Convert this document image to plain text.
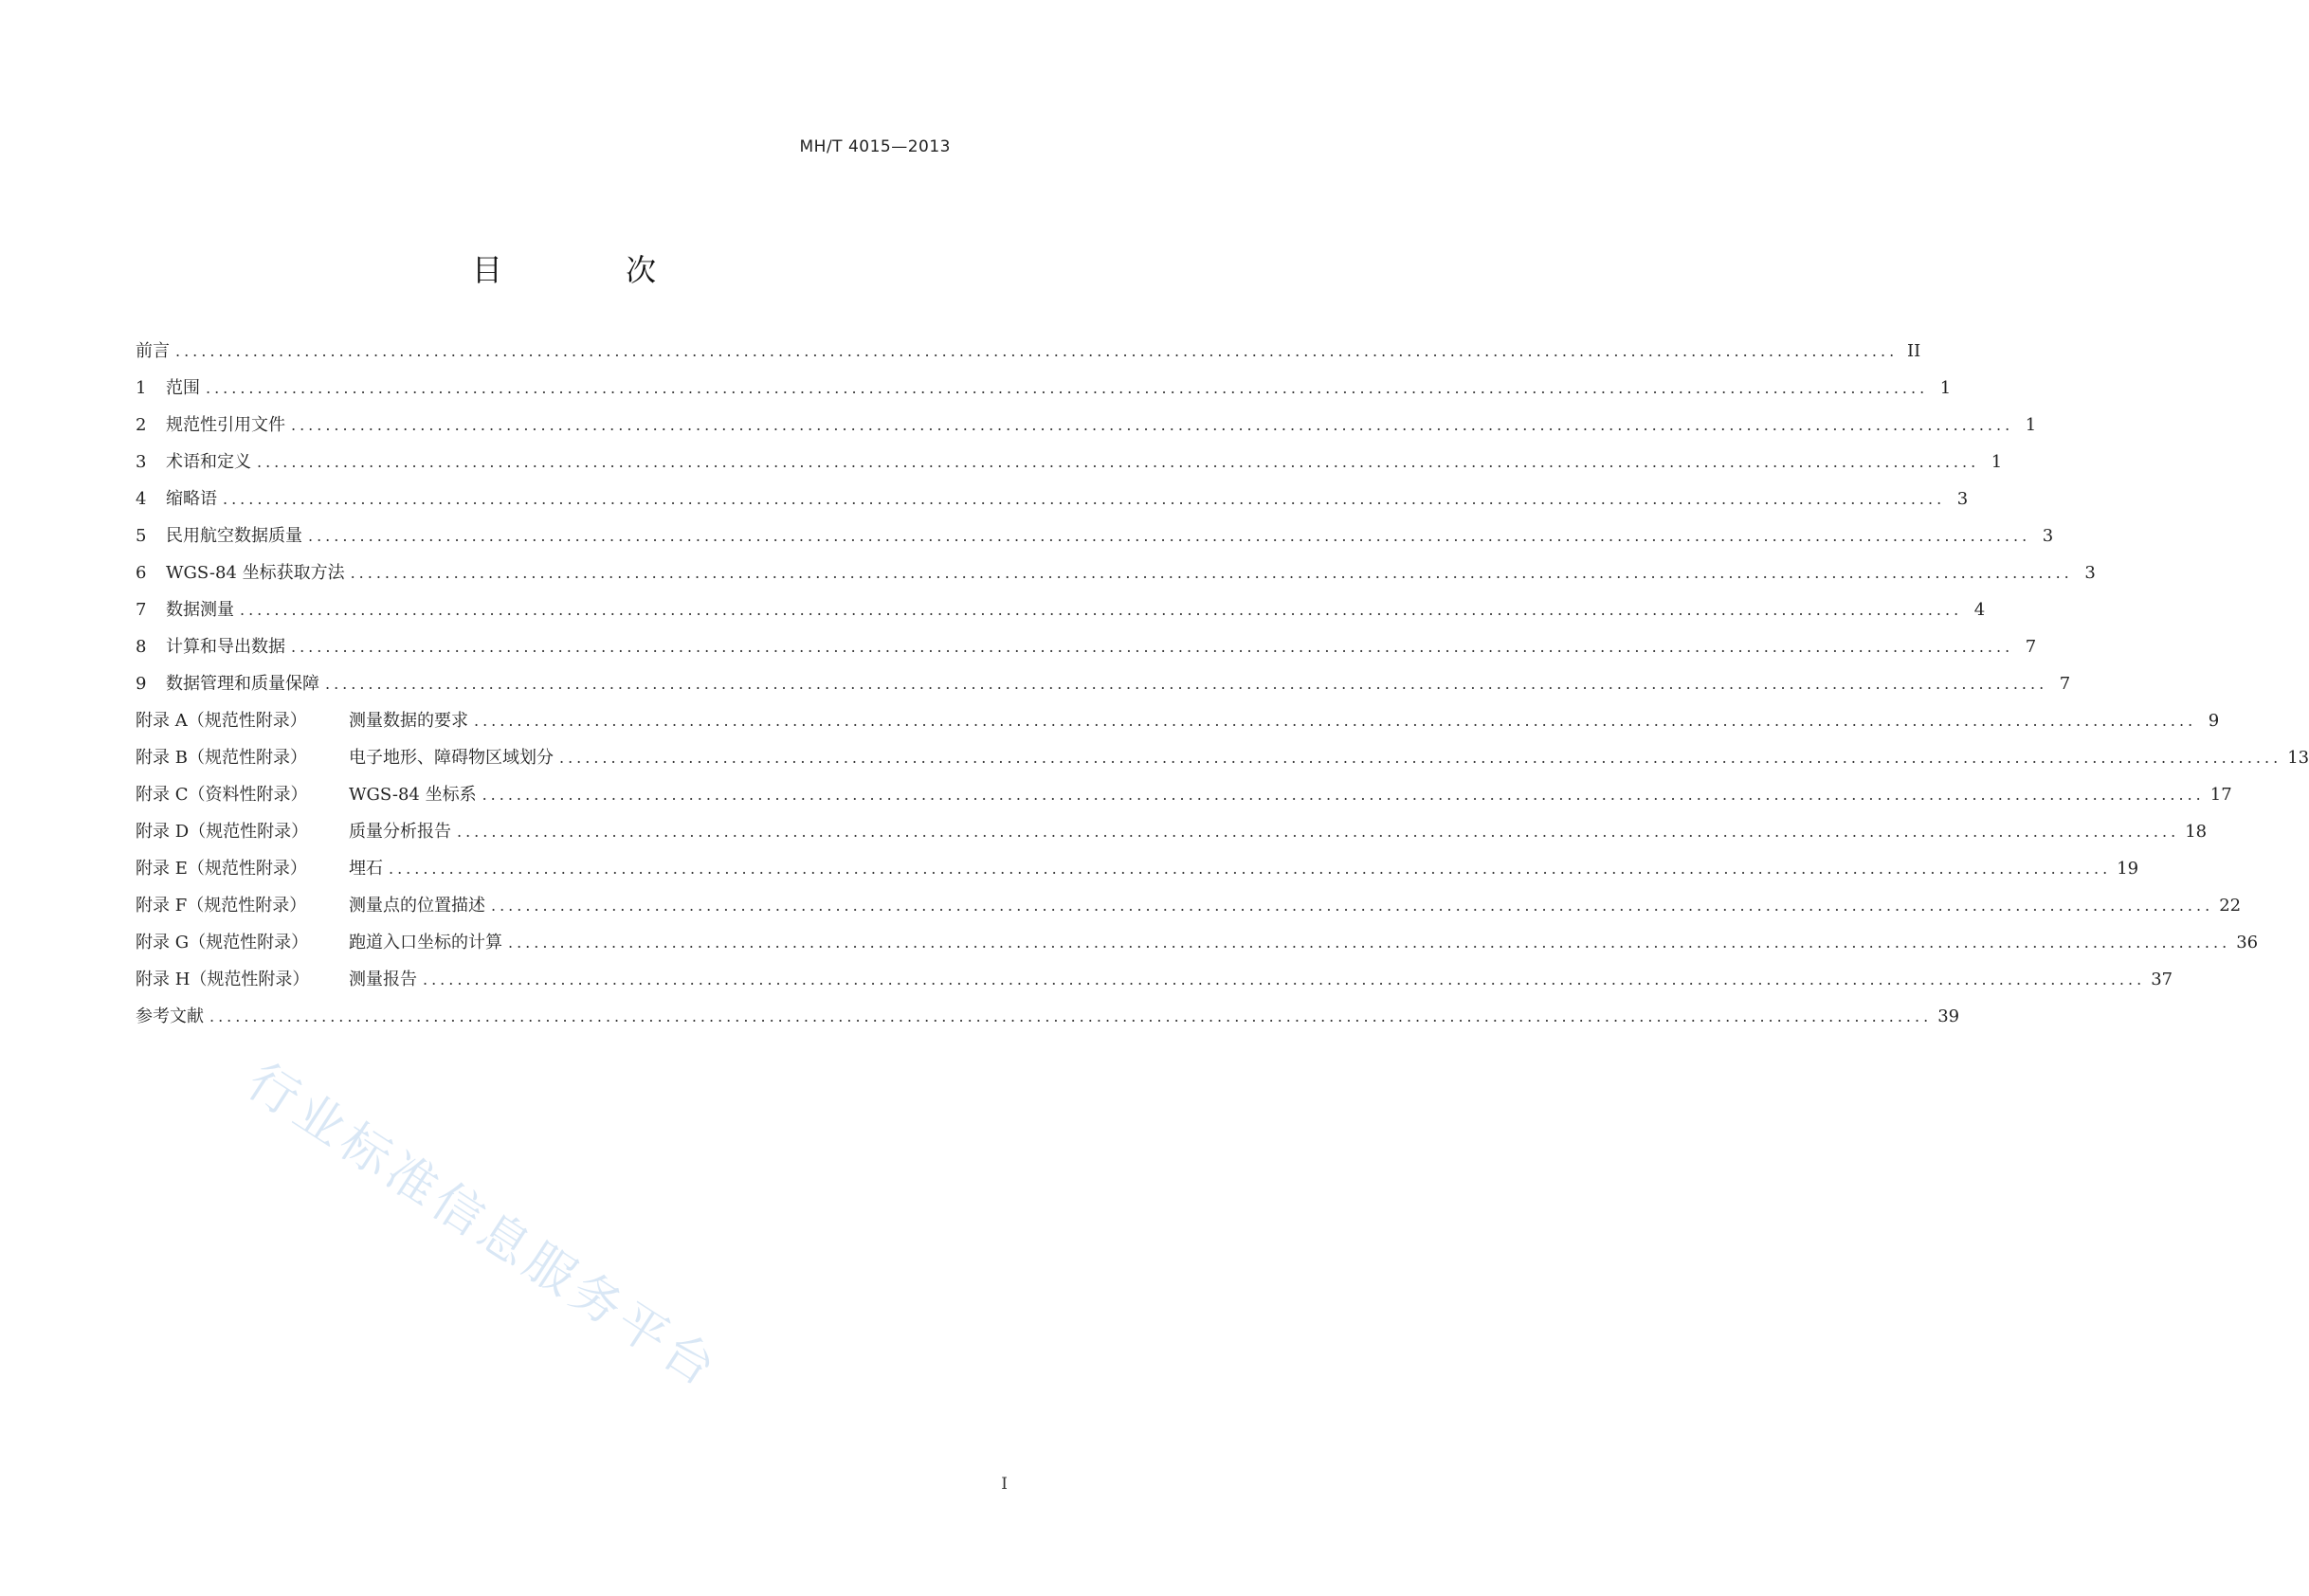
MH/T 4015—2013
目 次
前言 ........................................................................................................................................................................................................ II
1	范围 ........................................................................................................................................................................................................ 1
2	规范性引用文件 ........................................................................................................................................................................................................ 1
3	术语和定义 ........................................................................................................................................................................................................ 1
4	缩略语 ........................................................................................................................................................................................................ 3
5	民用航空数据质量 ........................................................................................................................................................................................................ 3
6	WGS-84 坐标获取方法 ........................................................................................................................................................................................................ 3
7	数据测量 ........................................................................................................................................................................................................ 4
8	计算和导出数据 ........................................................................................................................................................................................................ 7
9	数据管理和质量保障 ........................................................................................................................................................................................................ 7
附录 A（规范性附录）	测量数据的要求 ........................................................................................................................................................................................................ 9
附录 B（规范性附录）	电子地形、障碍物区域划分 ........................................................................................................................................................................................................ 13
附录 C（资料性附录）	WGS-84 坐标系 ........................................................................................................................................................................................................ 17
附录 D（规范性附录）	质量分析报告 ........................................................................................................................................................................................................ 18
附录 E（规范性附录）	埋石 ........................................................................................................................................................................................................ 19
附录 F（规范性附录）	测量点的位置描述 ........................................................................................................................................................................................................ 22
附录 G（规范性附录）	跑道入口坐标的计算 ........................................................................................................................................................................................................ 36
附录 H（规范性附录）	测量报告 ........................................................................................................................................................................................................ 37
参考文献 ........................................................................................................................................................................................................ 39
行业标准信息服务平台
I
